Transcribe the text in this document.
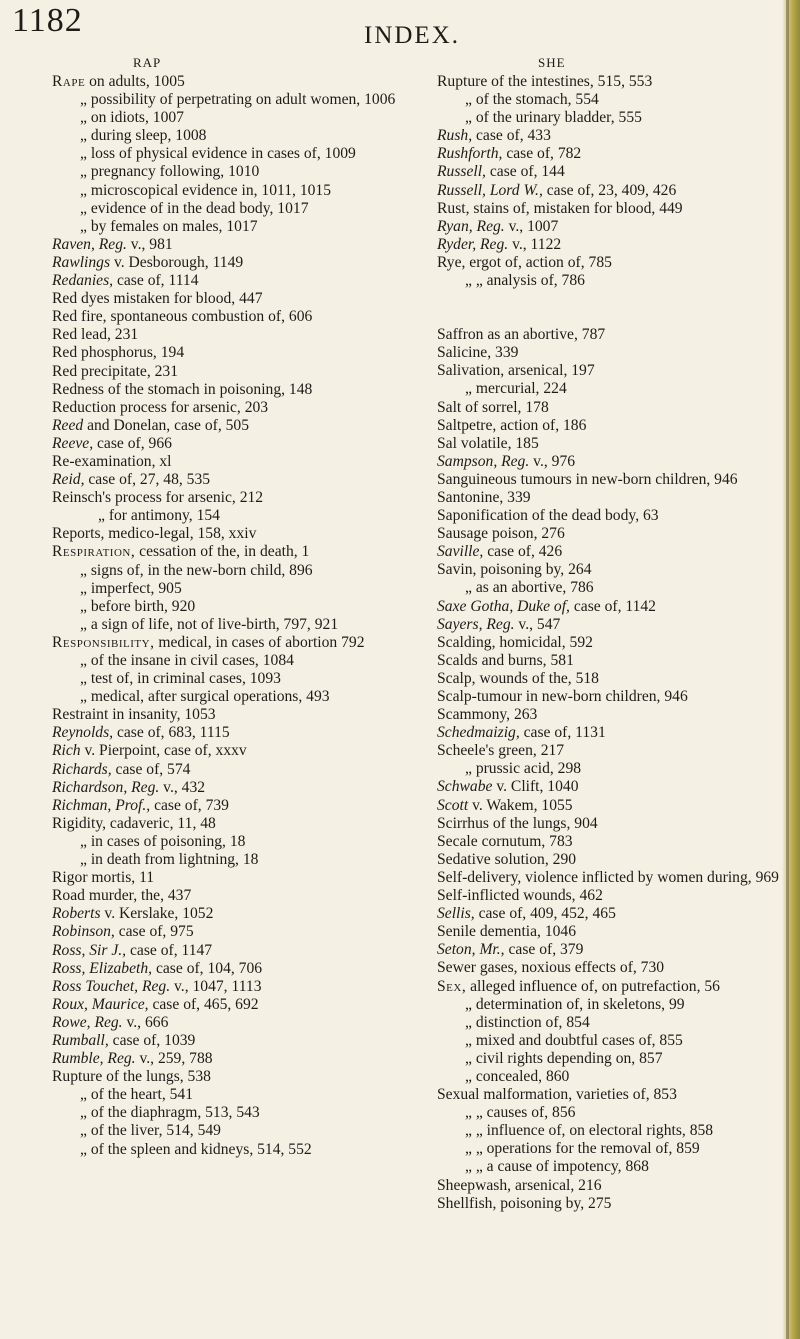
1182	INDEX.
RAP	SHE
Rape on adults, 1005
„ possibility of perpetrating on adult women, 1006
„ on idiots, 1007
„ during sleep, 1008
„ loss of physical evidence in cases of, 1009
„ pregnancy following, 1010
„ microscopical evidence in, 1011, 1015
„ evidence of in the dead body, 1017
„ by females on males, 1017
Raven, Reg. v., 981
Rawlings v. Desborough, 1149
Redanies, case of, 1114
Red dyes mistaken for blood, 447
Red fire, spontaneous combustion of, 606
Red lead, 231
Red phosphorus, 194
Red precipitate, 231
Redness of the stomach in poisoning, 148
Reduction process for arsenic, 203
Reed and Donelan, case of, 505
Reeve, case of, 966
Re-examination, xl
Reid, case of, 27, 48, 535
Reinsch's process for arsenic, 212
„ for antimony, 154
Reports, medico-legal, 158, xxiv
Respiration, cessation of the, in death, 1
„ signs of, in the new-born child, 896
„ imperfect, 905
„ before birth, 920
„ a sign of life, not of live-birth, 797, 921
Responsibility, medical, in cases of abortion 792
„ of the insane in civil cases, 1084
„ test of, in criminal cases, 1093
„ medical, after surgical operations, 493
Restraint in insanity, 1053
Reynolds, case of, 683, 1115
Rich v. Pierpoint, case of, xxxv
Richards, case of, 574
Richardson, Reg. v., 432
Richman, Prof., case of, 739
Rigidity, cadaveric, 11, 48
„ in cases of poisoning, 18
„ in death from lightning, 18
Rigor mortis, 11
Road murder, the, 437
Roberts v. Kerslake, 1052
Robinson, case of, 975
Ross, Sir J., case of, 1147
Ross, Elizabeth, case of, 104, 706
Ross Touchet, Reg. v., 1047, 1113
Roux, Maurice, case of, 465, 692
Rowe, Reg. v., 666
Rumball, case of, 1039
Rumble, Reg. v., 259, 788
Rupture of the lungs, 538
„ of the heart, 541
„ of the diaphragm, 513, 543
„ of the liver, 514, 549
„ of the spleen and kidneys, 514, 552
Rupture of the intestines, 515, 553
„ of the stomach, 554
„ of the urinary bladder, 555
Rush, case of, 433
Rushforth, case of, 782
Russell, case of, 144
Russell, Lord W., case of, 23, 409, 426
Rust, stains of, mistaken for blood, 449
Ryan, Reg. v., 1007
Ryder, Reg. v., 1122
Rye, ergot of, action of, 785
„ „ analysis of, 786
Saffron as an abortive, 787
Salicine, 339
Salivation, arsenical, 197
„ mercurial, 224
Salt of sorrel, 178
Saltpetre, action of, 186
Sal volatile, 185
Sampson, Reg. v., 976
Sanguineous tumours in new-born children, 946
Santonine, 339
Saponification of the dead body, 63
Sausage poison, 276
Saville, case of, 426
Savin, poisoning by, 264
„ as an abortive, 786
Saxe Gotha, Duke of, case of, 1142
Sayers, Reg. v., 547
Scalding, homicidal, 592
Scalds and burns, 581
Scalp, wounds of the, 518
Scalp-tumour in new-born children, 946
Scammony, 263
Schedmaizig, case of, 1131
Scheele's green, 217
„ prussic acid, 298
Schwabe v. Clift, 1040
Scott v. Wakem, 1055
Scirrhus of the lungs, 904
Secale cornutum, 783
Sedative solution, 290
Self-delivery, violence inflicted by women during, 969
Self-inflicted wounds, 462
Sellis, case of, 409, 452, 465
Senile dementia, 1046
Seton, Mr., case of, 379
Sewer gases, noxious effects of, 730
Sex, alleged influence of, on putrefaction, 56
„ determination of, in skeletons, 99
„ distinction of, 854
„ mixed and doubtful cases of, 855
„ civil rights depending on, 857
„ concealed, 860
Sexual malformation, varieties of, 853
„ „ causes of, 856
„ „ influence of, on electoral rights, 858
„ „ operations for the removal of, 859
„ „ a cause of impotency, 868
Sheepwash, arsenical, 216
Shellfish, poisoning by, 275
